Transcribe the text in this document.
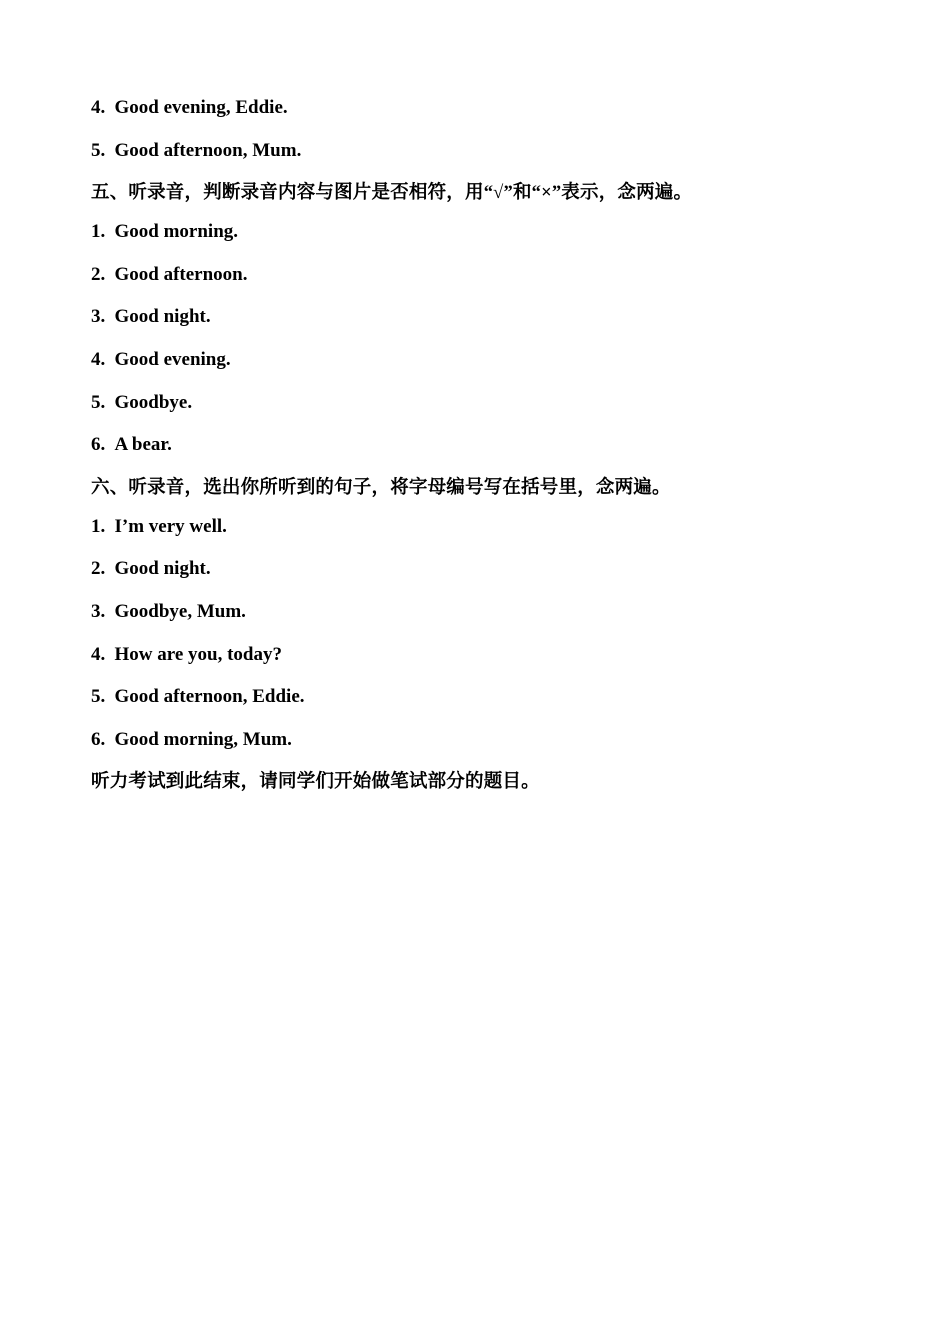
4. Good evening, Eddie.
5. Good afternoon, Mum.
五、听录音，判断录音内容与图片是否相符，用“√”和“×”表示，念两遍。
1. Good morning.
2. Good afternoon.
3. Good night.
4. Good evening.
5. Goodbye.
6. A bear.
六、听录音，选出你所听到的句子，将字母编号写在括号里，念两遍。
1. I’m very well.
2. Good night.
3. Goodbye, Mum.
4. How are you, today?
5. Good afternoon, Eddie.
6. Good morning, Mum.
听力考试到此结束，请同学们开始做笔试部分的题目。
